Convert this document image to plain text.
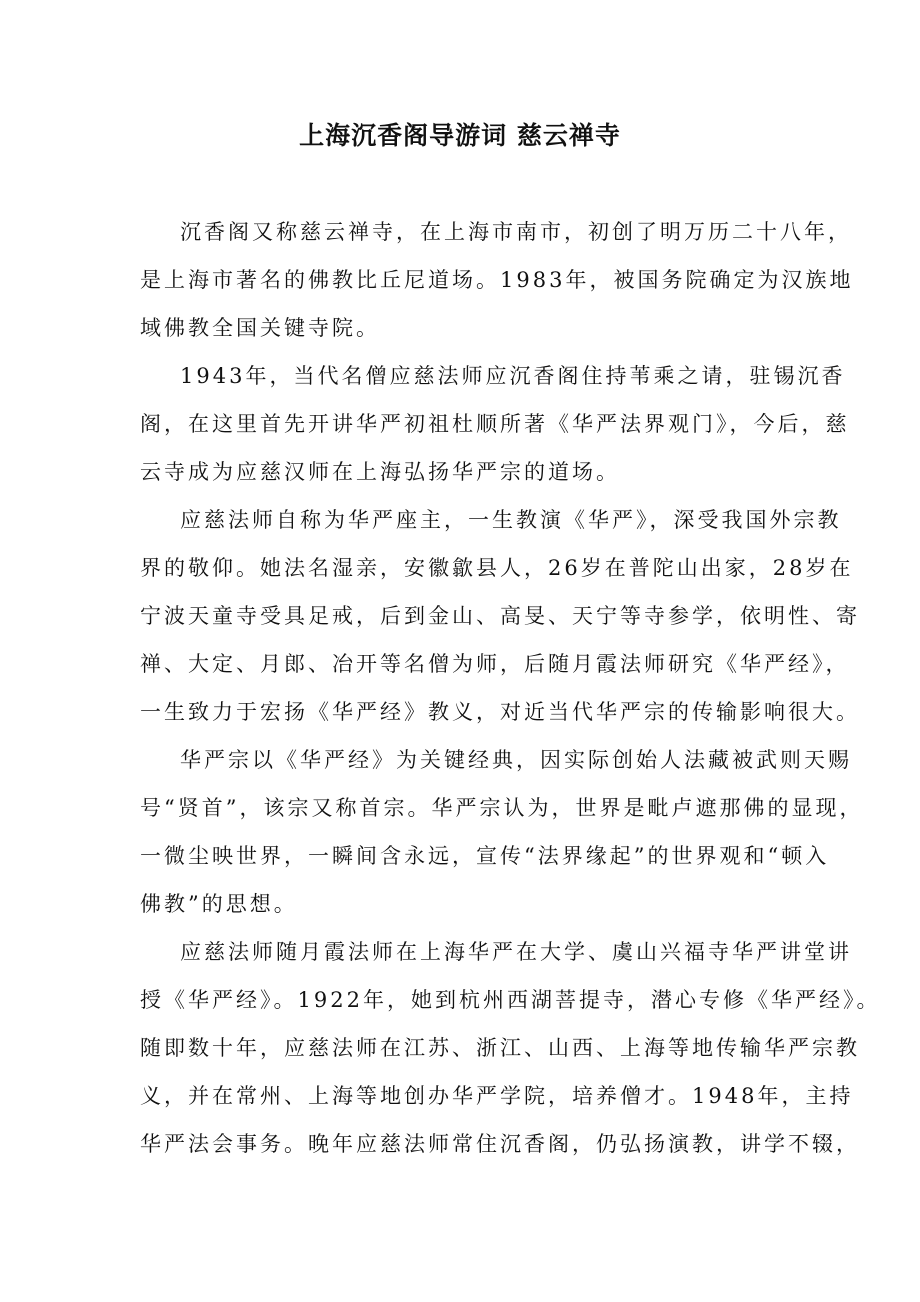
上海沉香阁导游词 慈云禅寺
沉香阁又称慈云禅寺，在上海市南市，初创了明万历二十八年，
是上海市著名的佛教比丘尼道场。1983年，被国务院确定为汉族地
域佛教全国关键寺院。
1943年，当代名僧应慈法师应沉香阁住持苇乘之请，驻锡沉香
阁，在这里首先开讲华严初祖杜顺所著《华严法界观门》，今后，慈
云寺成为应慈汉师在上海弘扬华严宗的道场。
应慈法师自称为华严座主，一生教演《华严》，深受我国外宗教
界的敬仰。她法名湿亲，安徽歙县人，26岁在普陀山出家，28岁在
宁波天童寺受具足戒，后到金山、高旻、天宁等寺参学，依明性、寄
禅、大定、月郎、冶开等名僧为师，后随月霞法师研究《华严经》，
一生致力于宏扬《华严经》教义，对近当代华严宗的传输影响很大。
华严宗以《华严经》为关键经典，因实际创始人法藏被武则天赐
号“贤首”，该宗又称首宗。华严宗认为，世界是毗卢遮那佛的显现，
一微尘映世界，一瞬间含永远，宣传“法界缘起”的世界观和“顿入
佛教”的思想。
应慈法师随月霞法师在上海华严在大学、虞山兴福寺华严讲堂讲
授《华严经》。1922年，她到杭州西湖菩提寺，潜心专修《华严经》。
随即数十年，应慈法师在江苏、浙江、山西、上海等地传输华严宗教
义，并在常州、上海等地创办华严学院，培养僧才。1948年，主持
华严法会事务。晚年应慈法师常住沉香阁，仍弘扬演教，讲学不辍，
